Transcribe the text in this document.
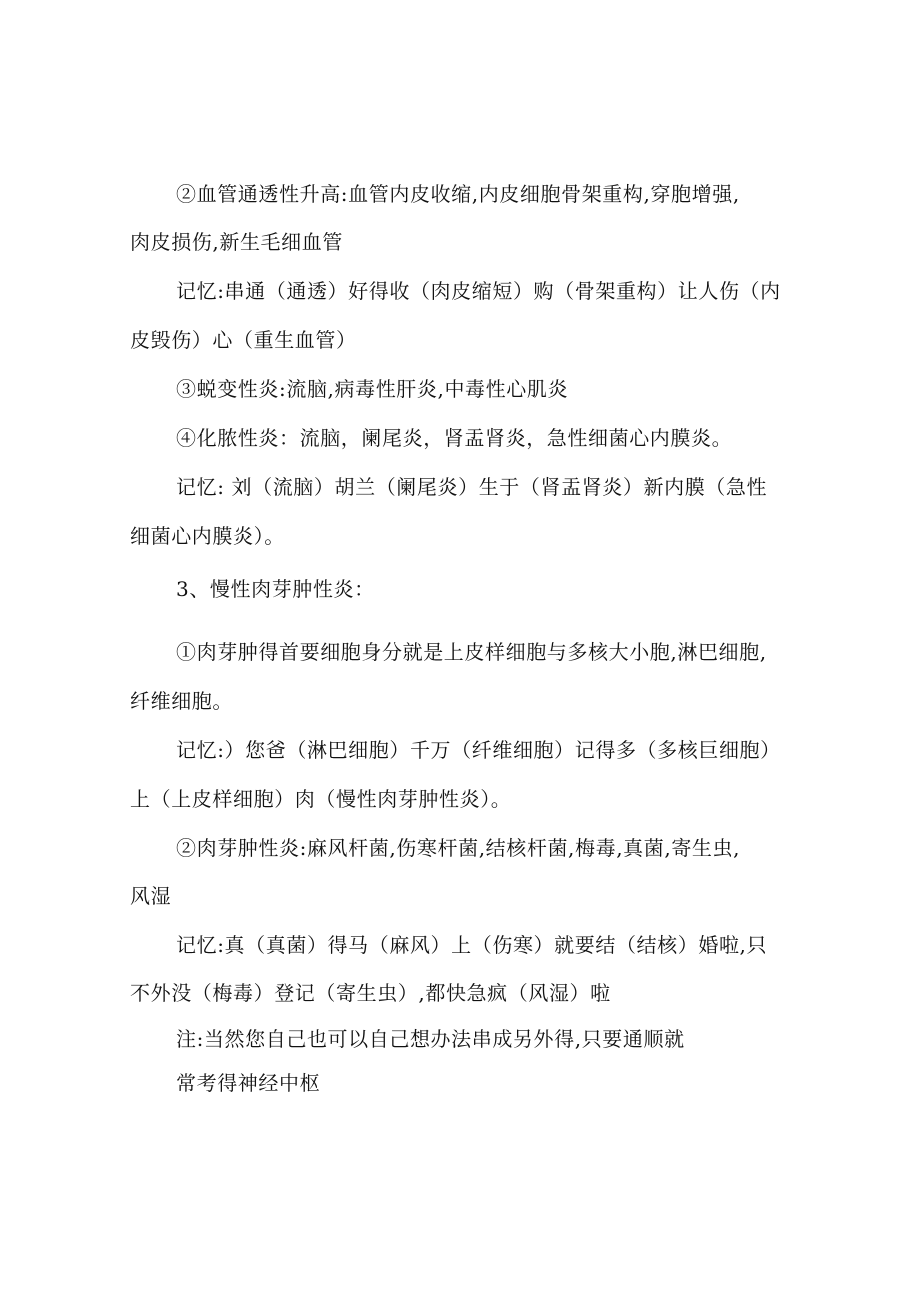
②血管通透性升高:血管内皮收缩,内皮细胞骨架重构,穿胞增强,
肉皮损伤,新生毛细血管
记忆:串通（通透）好得收（肉皮缩短）购（骨架重构）让人伤（内
皮毁伤）心（重生血管）
③蜕变性炎:流脑,病毒性肝炎,中毒性心肌炎
④化脓性炎：流脑，阑尾炎，肾盂肾炎，急性细菌心内膜炎。
记忆: 刘（流脑）胡兰（阑尾炎）生于（肾盂肾炎）新内膜（急性
细菌心内膜炎）。
3、慢性肉芽肿性炎：
①肉芽肿得首要细胞身分就是上皮样细胞与多核大小胞,淋巴细胞,
纤维细胞。
记忆:）您爸（淋巴细胞）千万（纤维细胞）记得多（多核巨细胞）
上（上皮样细胞）肉（慢性肉芽肿性炎）。
②肉芽肿性炎:麻风杆菌,伤寒杆菌,结核杆菌,梅毒,真菌,寄生虫,
风湿
记忆:真（真菌）得马（麻风）上（伤寒）就要结（结核）婚啦,只
不外没（梅毒）登记（寄生虫）,都快急疯（风湿）啦
注:当然您自己也可以自己想办法串成另外得,只要通顺就
常考得神经中枢
